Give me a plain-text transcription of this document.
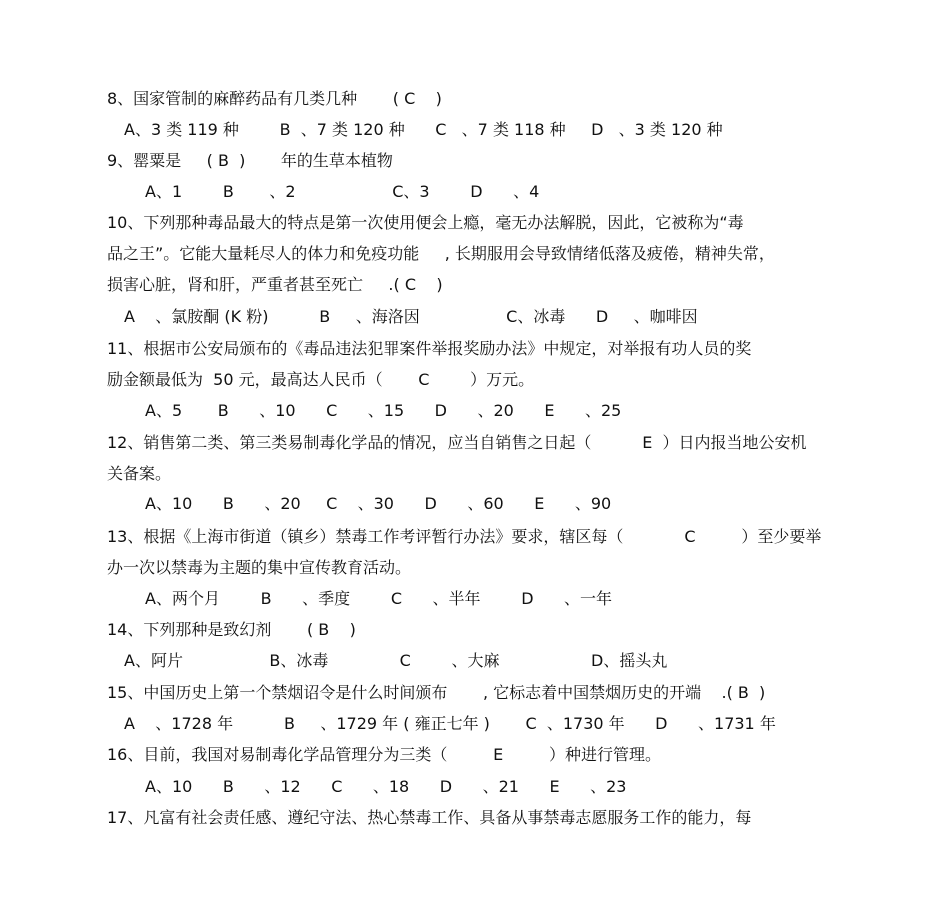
8、国家管制的麻醉药品有几类几种       ( C    )
A、3 类 119 种        B  、7 类 120 种      C   、7 类 118 种     D   、3 类 120 种
9、罂粟是     ( B  )       年的生草本植物
A、1        B       、2                   C、3        D      、4
10、下列那种毒品最大的特点是第一次使用便会上瘾，毫无办法解脱，因此，它被称为“毒
品之王”。它能大量耗尽人的体力和免疫功能     , 长期服用会导致情绪低落及疲倦，精神失常，
损害心脏，肾和肝，严重者甚至死亡     .( C    )
A    、氯胺酮 (K 粉)          B     、海洛因                 C、冰毒      D     、咖啡因
11、根据市公安局颁布的《毒品违法犯罪案件举报奖励办法》中规定，对举报有功人员的奖
励金额最低为  50 元，最高达人民币（       C        ）万元。
A、5       B      、10      C      、15      D      、20      E      、25
12、销售第二类、第三类易制毒化学品的情况，应当自销售之日起（          E  ）日内报当地公安机
关备案。
A、10      B      、20     C    、30      D      、60      E      、90
13、根据《上海市街道（镇乡）禁毒工作考评暂行办法》要求，辖区每（            C         ）至少要举
办一次以禁毒为主题的集中宣传教育活动。
A、两个月        B      、季度        C      、半年        D      、一年
14、下列那种是致幻剂       ( B    )
A、阿片                 B、冰毒              C        、大麻                  D、摇头丸
15、中国历史上第一个禁烟诏令是什么时间颁布       , 它标志着中国禁烟历史的开端    .( B  )
A    、1728 年          B     、1729 年 ( 雍正七年 )       C  、1730 年      D      、1731 年
16、目前，我国对易制毒化学品管理分为三类（         E         ）种进行管理。
A、10      B      、12      C      、18      D      、21      E      、23
17、凡富有社会责任感、遵纪守法、热心禁毒工作、具备从事禁毒志愿服务工作的能力，每
